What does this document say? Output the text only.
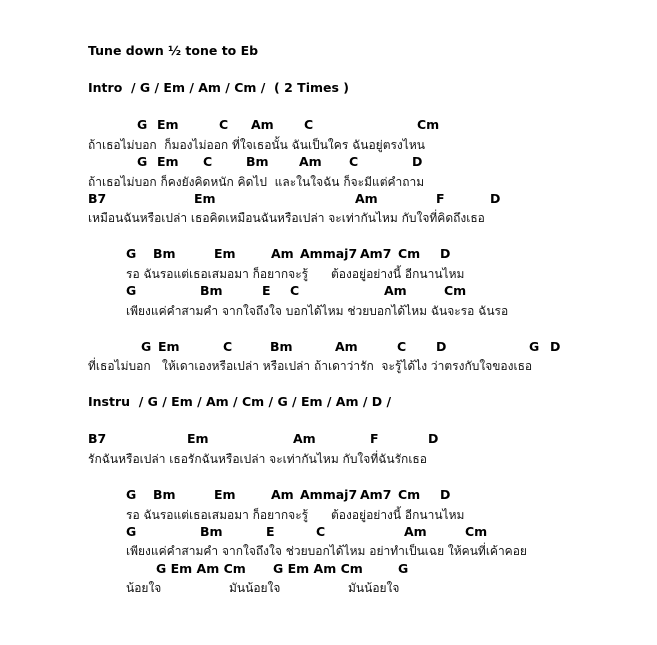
Tune down ½ tone to Eb
Intro  / G / Em / Am / Cm /  ( 2 Times )
Instru  / G / Em / Am / Cm / G / Em / Am / D /
G Em	C Am C	Cm
ถ้าเธอไม่บอก  ก็มองไม่ออก ที่ใจเธอนั้น ฉันเป็นใคร ฉันอยู่ตรงไหน
G Em C	Bm Am C	D
ถ้าเธอไม่บอก ก็คงยังคิดหนัก คิดไป  และในใจฉัน ก็จะมีแต่คำถาม
B7	Em	Am	F	D
เหมือนฉันหรือเปล่า เธอคิดเหมือนฉันหรือเปล่า จะเท่ากันไหม กับใจที่คิดถึงเธอ
G Bm	Em	Am Ammaj7 Am7 Cm D
รอ ฉันรอแต่เธอเสมอมา ก็อยากจะรู้      ต้องอยู่อย่างนี้ อีกนานไหม
G	Bm	E C	Am	Cm
เพียงแค่คำสามคำ จากใจถึงใจ บอกได้ไหม ช่วยบอกได้ไหม ฉันจะรอ ฉันรอ
G Em	C	Bm	Am	C D	G D
ที่เธอไม่บอก   ให้เดาเองหรือเปล่า หรือเปล่า ถ้าเดาว่ารัก  จะรู้ได้ไง ว่าตรงกับใจของเธอ
B7	Em	Am	F	D
รักฉันหรือเปล่า เธอรักฉันหรือเปล่า จะเท่ากันไหม กับใจที่ฉันรักเธอ
G Bm	Em	Am Ammaj7 Am7 Cm D
รอ ฉันรอแต่เธอเสมอมา ก็อยากจะรู้      ต้องอยู่อย่างนี้ อีกนานไหม
G	Bm	E	C	Am	Cm
เพียงแค่คำสามคำ จากใจถึงใจ ช่วยบอกได้ไหม อย่าทำเป็นเฉย ให้คนที่เค้าคอย
G Em Am Cm G Em Am Cm	G
น้อยใจ	มันน้อยใจ	มันน้อยใจ
